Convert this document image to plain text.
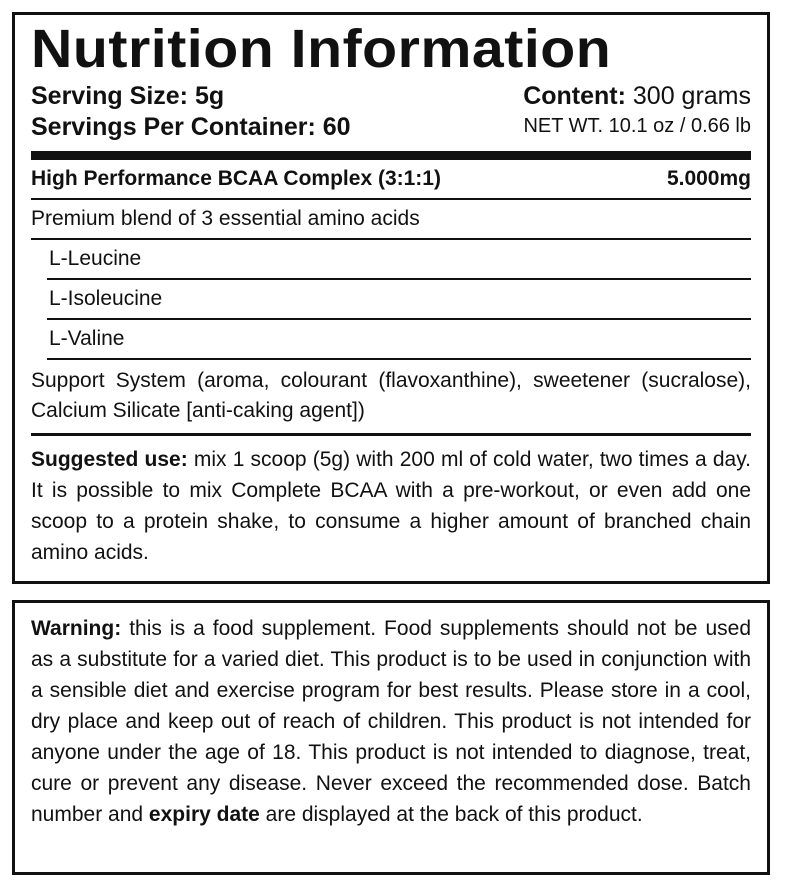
Nutrition Information
Serving Size: 5g
Servings Per Container: 60
Content: 300 grams
NET WT. 10.1 oz / 0.66 lb
High Performance BCAA Complex (3:1:1)	5.000mg
Premium blend of 3 essential amino acids
L-Leucine
L-Isoleucine
L-Valine
Support System (aroma, colourant (flavoxanthine), sweetener (sucralose), Calcium Silicate [anti-caking agent])
Suggested use: mix 1 scoop (5g) with 200 ml of cold water, two times a day. It is possible to mix Complete BCAA with a pre-workout, or even add one scoop to a protein shake, to consume a higher amount of branched chain amino acids.
Warning: this is a food supplement. Food supplements should not be used as a substitute for a varied diet. This product is to be used in conjunction with a sensible diet and exercise program for best results. Please store in a cool, dry place and keep out of reach of children. This product is not intended for anyone under the age of 18. This product is not intended to diagnose, treat, cure or prevent any disease. Never exceed the recommended dose. Batch number and expiry date are displayed at the back of this product.
